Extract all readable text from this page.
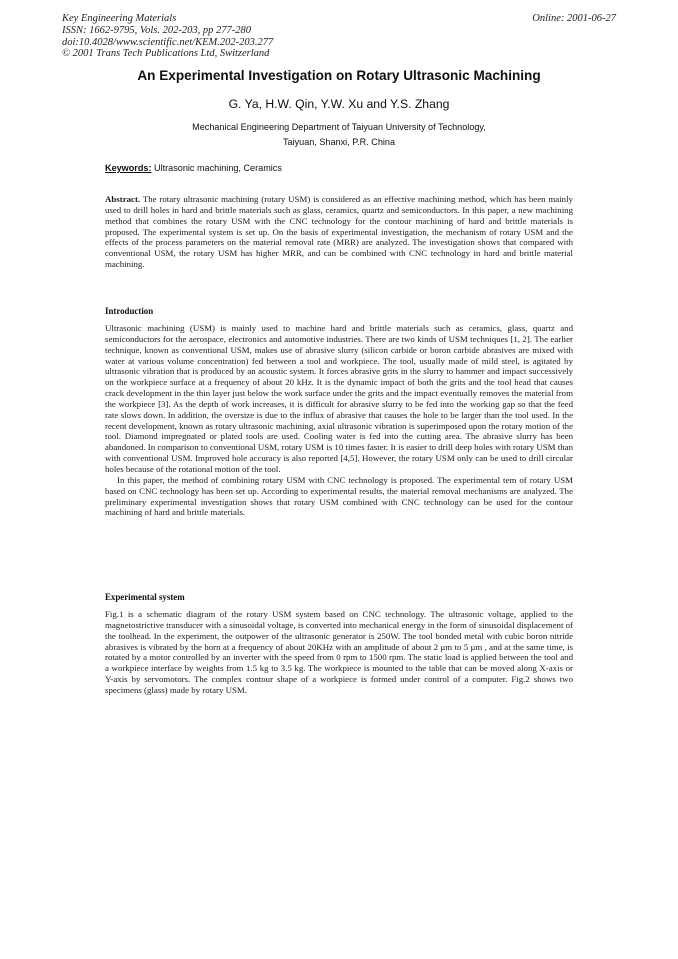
Key Engineering Materials
ISSN: 1662-9795, Vols. 202-203, pp 277-280
doi:10.4028/www.scientific.net/KEM.202-203.277
© 2001 Trans Tech Publications Ltd, Switzerland
Online: 2001-06-27
An Experimental Investigation on Rotary Ultrasonic Machining
G. Ya, H.W. Qin, Y.W. Xu and Y.S. Zhang
Mechanical Engineering Department of Taiyuan University of Technology,
Taiyuan, Shanxi, P.R. China
Keywords: Ultrasonic machining, Ceramics

Abstract. The rotary ultrasonic machining (rotary USM) is considered as an effective machining method, which has been mainly used to drill holes in hard and brittle materials such as glass, ceramics, quartz and semiconductors. In this paper, a new machining method that combines the rotary USM with the CNC technology for the contour machining of hard and brittle materials is proposed. The experimental system is set up. On the basis of experimental investigation, the mechanism of rotary USM and the effects of the process parameters on the material removal rate (MRR) are analyzed. The investigation shows that compared with conventional USM, the rotary USM has higher MRR, and can be combined with CNC technology in hard and brittle material machining.

Introduction

Ultrasonic machining (USM) is mainly used to machine hard and brittle materials such as ceramics, glass, quartz and semiconductors for the aerospace, electronics and automotive industries. There are two kinds of USM techniques [1, 2]. The earlier technique, known as conventional USM, makes use of abrasive slurry (silicon carbide or boron carbide abrasives are mixed with water at various volume concentration) fed between a tool and workpiece. The tool, usually made of mild steel, is agitated by ultrasonic vibration that is produced by an acoustic system. It forces abrasive grits in the slurry to hammer and impact successively on the workpiece surface at a frequency of about 20 kHz. It is the dynamic impact of both the grits and the tool head that causes crack development in the thin layer just below the work surface under the grits and the impact eventually removes the material from the workpiece [3]. As the depth of work increases, it is difficult for abrasive slurry to be fed into the working gap so that the feed rate slows down. In addition, the oversize is due to the influx of abrasive that causes the hole to be larger than the tool used. In the recent development, known as rotary ultrasonic machining, axial ultrasonic vibration is superimposed upon the rotary motion of the tool. Diamond impregnated or plated tools are used. Cooling water is fed into the cutting area. The abrasive slurry has been abandoned. In comparison to conventional USM, rotary USM is 10 times faster. It is easier to drill deep holes with rotary USM than with conventional USM. Improved hole accuracy is also reported [4,5]. However, the rotary USM only can be used to drill circular holes because of the rotational motion of the tool.

In this paper, the method of combining rotary USM with CNC technology is proposed. The experimental tem of rotary USM based on CNC technology has been set up. According to experimental results, the material removal mechanisms are analyzed. The preliminary experimental investigation shows that rotary USM combined with CNC technology can be used for the contour machining of hard and brittle materials.

Experimental system

Fig.1 is a schematic diagram of the rotary USM system based on CNC technology. The ultrasonic voltage, applied to the magnetostrictive transducer with a sinusoidal voltage, is converted into mechanical energy in the form of sinusoidal displacement of the toolhead. In the experiment, the outpower of the ultrasonic generator is 250W. The tool bonded metal with cubic boron nitride abrasives is vibrated by the horn at a frequency of about 20KHz with an amplitude of about 2 μm to 5 μm , and at the same time, is rotated by a motor controlled by an inverter with the speed from 0 rpm to 1500 rpm. The static load is applied between the tool and a workpiece interface by weights from 1.5 kg to 3.5 kg. The workpiece is mounted to the table that can be moved along X-axis or Y-axis by servomotors. The complex contour shape of a workpiece is formed under control of a computer. Fig.2 shows two specimens (glass) made by rotary USM.
